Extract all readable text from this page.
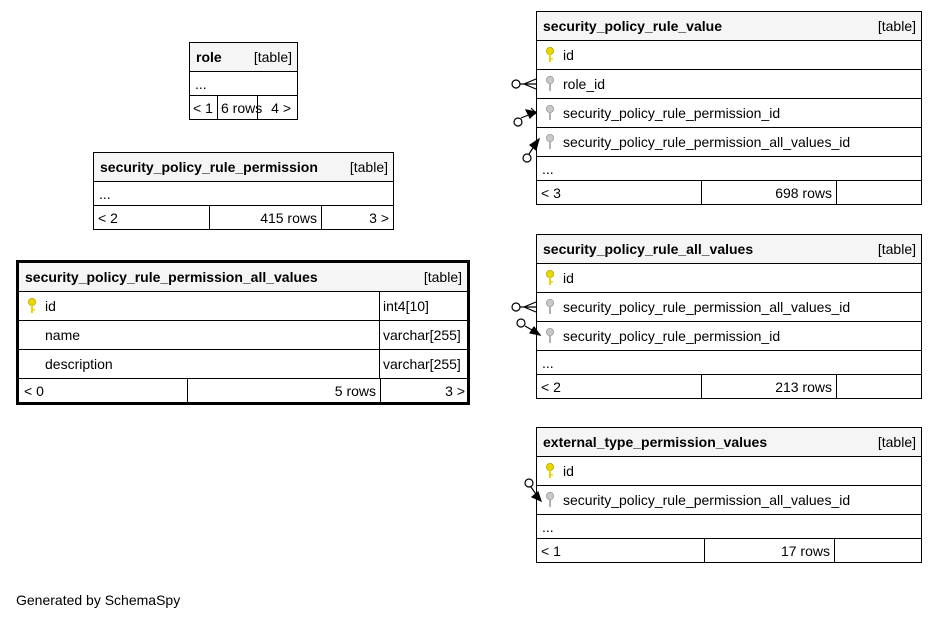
role [table]
...
< 1 6 rows 4 >
security_policy_rule_permission [table]
...
< 2	415 rows	3 >
security_policy_rule_permission_all_values	[table]
id	int4[10]
name	varchar[255]
description	varchar[255]
< 0	5 rows	3 >
security_policy_rule_value	[table]
id
role_id
security_policy_rule_permission_id
security_policy_rule_permission_all_values_id
...
< 3	698 rows
security_policy_rule_all_values	[table]
id
security_policy_rule_permission_all_values_id
security_policy_rule_permission_id
...
< 2	213 rows
external_type_permission_values	[table]
id
security_policy_rule_permission_all_values_id
...
< 1	17 rows
Generated by SchemaSpy
